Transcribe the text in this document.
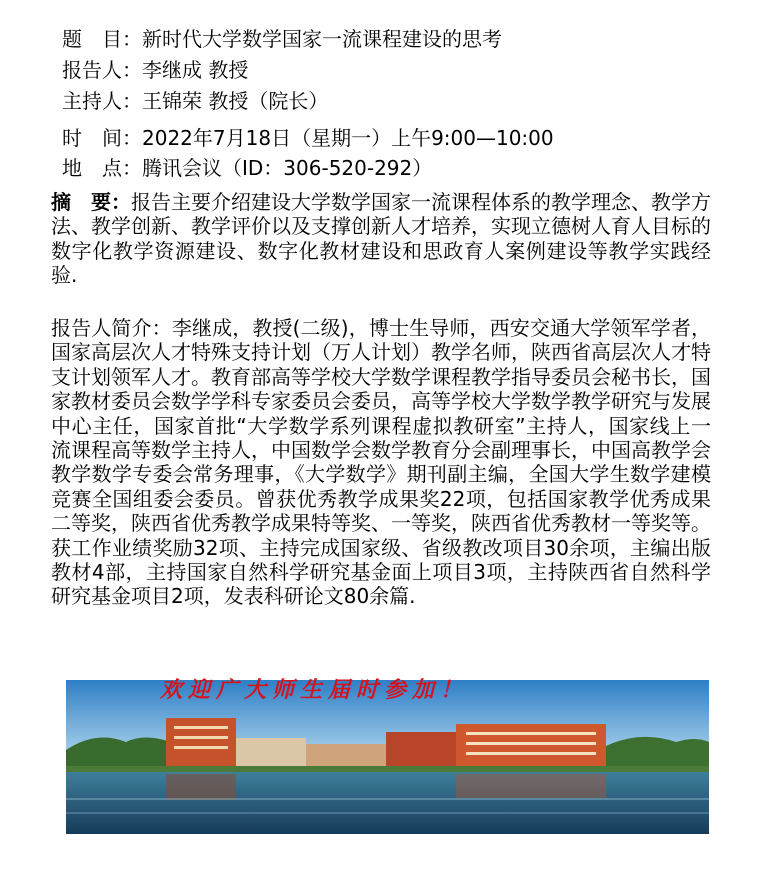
题　目：新时代大学数学国家一流课程建设的思考
报告人：李继成 教授
主持人：王锦荣 教授（院长）
时　间：2022年7月18日（星期一）上午9:00—10:00
地　点：腾讯会议（ID：306-520-292）
摘　要：报告主要介绍建设大学数学国家一流课程体系的教学理念、教学方法、教学创新、教学评价以及支撑创新人才培养，实现立德树人育人目标的数字化教学资源建设、数字化教材建设和思政育人案例建设等教学实践经验.
报告人简介：李继成，教授(二级)，博士生导师，西安交通大学领军学者，国家高层次人才特殊支持计划（万人计划）教学名师，陕西省高层次人才特支计划领军人才。教育部高等学校大学数学课程教学指导委员会秘书长，国家教材委员会数学学科专家委员会委员，高等学校大学数学教学研究与发展中心主任，国家首批“大学数学系列课程虚拟教研室”主持人，国家线上一流课程高等数学主持人，中国数学会数学教育分会副理事长，中国高教学会教学数学专委会常务理事，《大学数学》期刊副主编，全国大学生数学建模竞赛全国组委会委员。曾获优秀教学成果奖22项，包括国家教学优秀成果二等奖，陕西省优秀教学成果特等奖、一等奖，陕西省优秀教材一等奖等。获工作业绩奖励32项、主持完成国家级、省级教改项目30余项，主编出版教材4部，主持国家自然科学研究基金面上项目3项，主持陕西省自然科学研究基金项目2项，发表科研论文80余篇.
欢迎广大师生届时参加！
